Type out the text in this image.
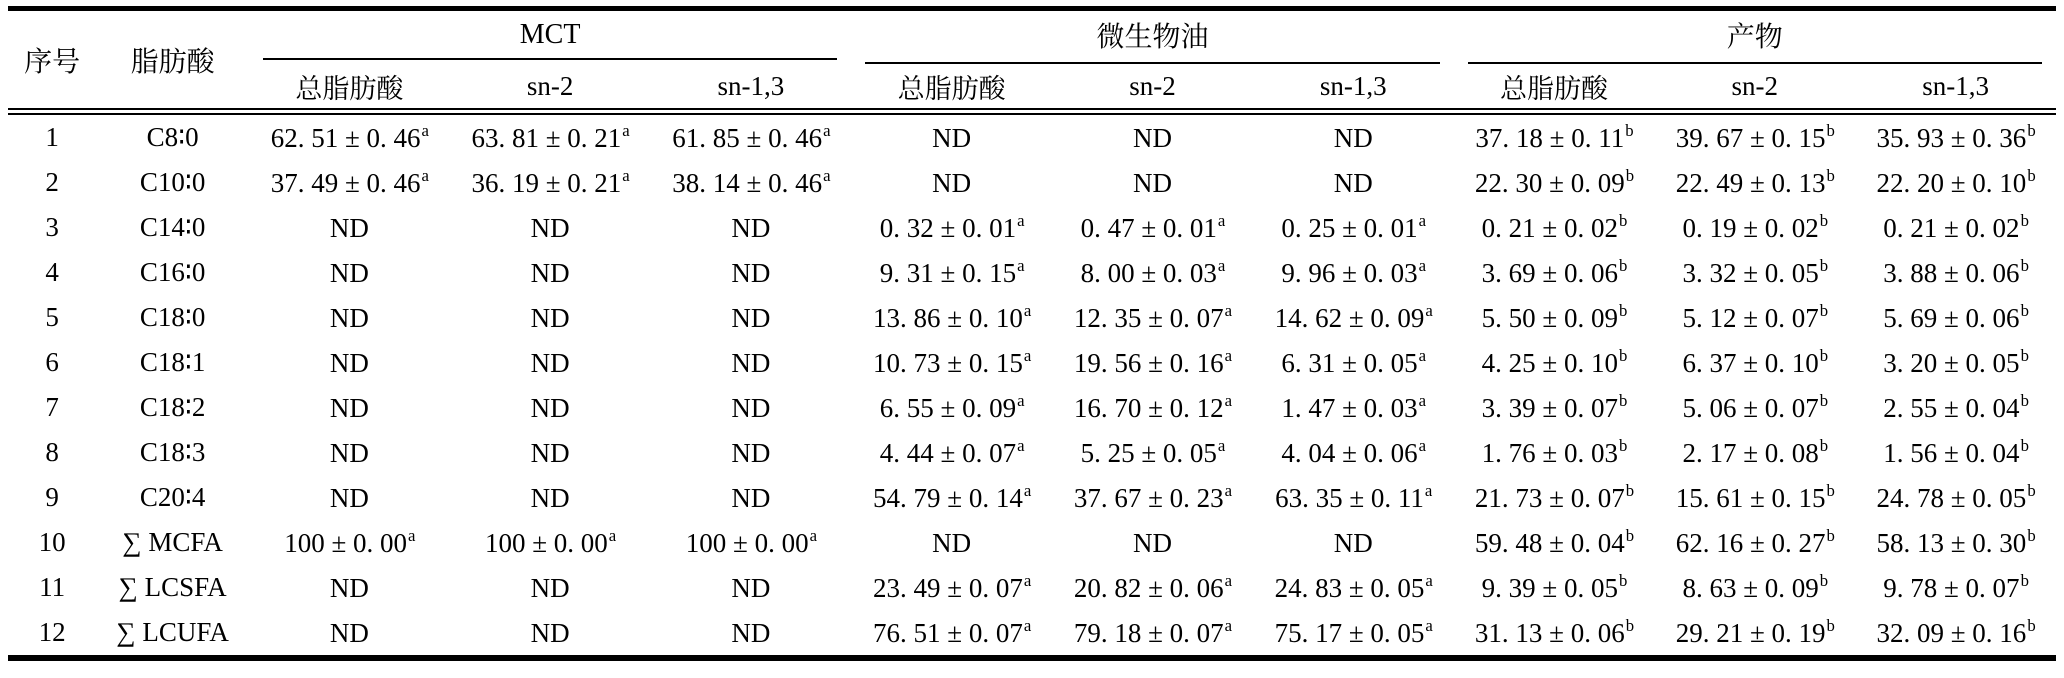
序号	脂肪酸	MCT			微生物油			产物		

		总脂肪酸	sn-2	sn-1,3	总脂肪酸	sn-2	sn-1,3	总脂肪酸	sn-2	sn-1,3
1	C8∶0	62. 51 ± 0. 46$^a$	63. 81 ± 0. 21$^a$	61. 85 ± 0. 46$^a$	ND	ND	ND	37. 18 ± 0. 11$^b$	39. 67 ± 0. 15$^b$	35. 93 ± 0. 36$^b$
2	C10∶0	37. 49 ± 0. 46$^a$	36. 19 ± 0. 21$^a$	38. 14 ± 0. 46$^a$	ND	ND	ND	22. 30 ± 0. 09$^b$	22. 49 ± 0. 13$^b$	22. 20 ± 0. 10$^b$
3	C14∶0	ND	ND	ND	0. 32 ± 0. 01$^a$	0. 47 ± 0. 01$^a$	0. 25 ± 0. 01$^a$	0. 21 ± 0. 02$^b$	0. 19 ± 0. 02$^b$	0. 21 ± 0. 02$^b$
4	C16∶0	ND	ND	ND	9. 31 ± 0. 15$^a$	8. 00 ± 0. 03$^a$	9. 96 ± 0. 03$^a$	3. 69 ± 0. 06$^b$	3. 32 ± 0. 05$^b$	3. 88 ± 0. 06$^b$
5	C18∶0	ND	ND	ND	13. 86 ± 0. 10$^a$	12. 35 ± 0. 07$^a$	14. 62 ± 0. 09$^a$	5. 50 ± 0. 09$^b$	5. 12 ± 0. 07$^b$	5. 69 ± 0. 06$^b$
6	C18∶1	ND	ND	ND	10. 73 ± 0. 15$^a$	19. 56 ± 0. 16$^a$	6. 31 ± 0. 05$^a$	4. 25 ± 0. 10$^b$	6. 37 ± 0. 10$^b$	3. 20 ± 0. 05$^b$
7	C18∶2	ND	ND	ND	6. 55 ± 0. 09$^a$	16. 70 ± 0. 12$^a$	1. 47 ± 0. 03$^a$	3. 39 ± 0. 07$^b$	5. 06 ± 0. 07$^b$	2. 55 ± 0. 04$^b$
8	C18∶3	ND	ND	ND	4. 44 ± 0. 07$^a$	5. 25 ± 0. 05$^a$	4. 04 ± 0. 06$^a$	1. 76 ± 0. 03$^b$	2. 17 ± 0. 08$^b$	1. 56 ± 0. 04$^b$
9	C20∶4	ND	ND	ND	54. 79 ± 0. 14$^a$	37. 67 ± 0. 23$^a$	63. 35 ± 0. 11$^a$	21. 73 ± 0. 07$^b$	15. 61 ± 0. 15$^b$	24. 78 ± 0. 05$^b$
10	∑ MCFA	100 ± 0. 00$^a$	100 ± 0. 00$^a$	100 ± 0. 00$^a$	ND	ND	ND	59. 48 ± 0. 04$^b$	62. 16 ± 0. 27$^b$	58. 13 ± 0. 30$^b$
11	∑ LCSFA	ND	ND	ND	23. 49 ± 0. 07$^a$	20. 82 ± 0. 06$^a$	24. 83 ± 0. 05$^a$	9. 39 ± 0. 05$^b$	8. 63 ± 0. 09$^b$	9. 78 ± 0. 07$^b$
12	∑ LCUFA	ND	ND	ND	76. 51 ± 0. 07$^a$	79. 18 ± 0. 07$^a$	75. 17 ± 0. 05$^a$	31. 13 ± 0. 06$^b$	29. 21 ± 0. 19$^b$	32. 09 ± 0. 16$^b$
